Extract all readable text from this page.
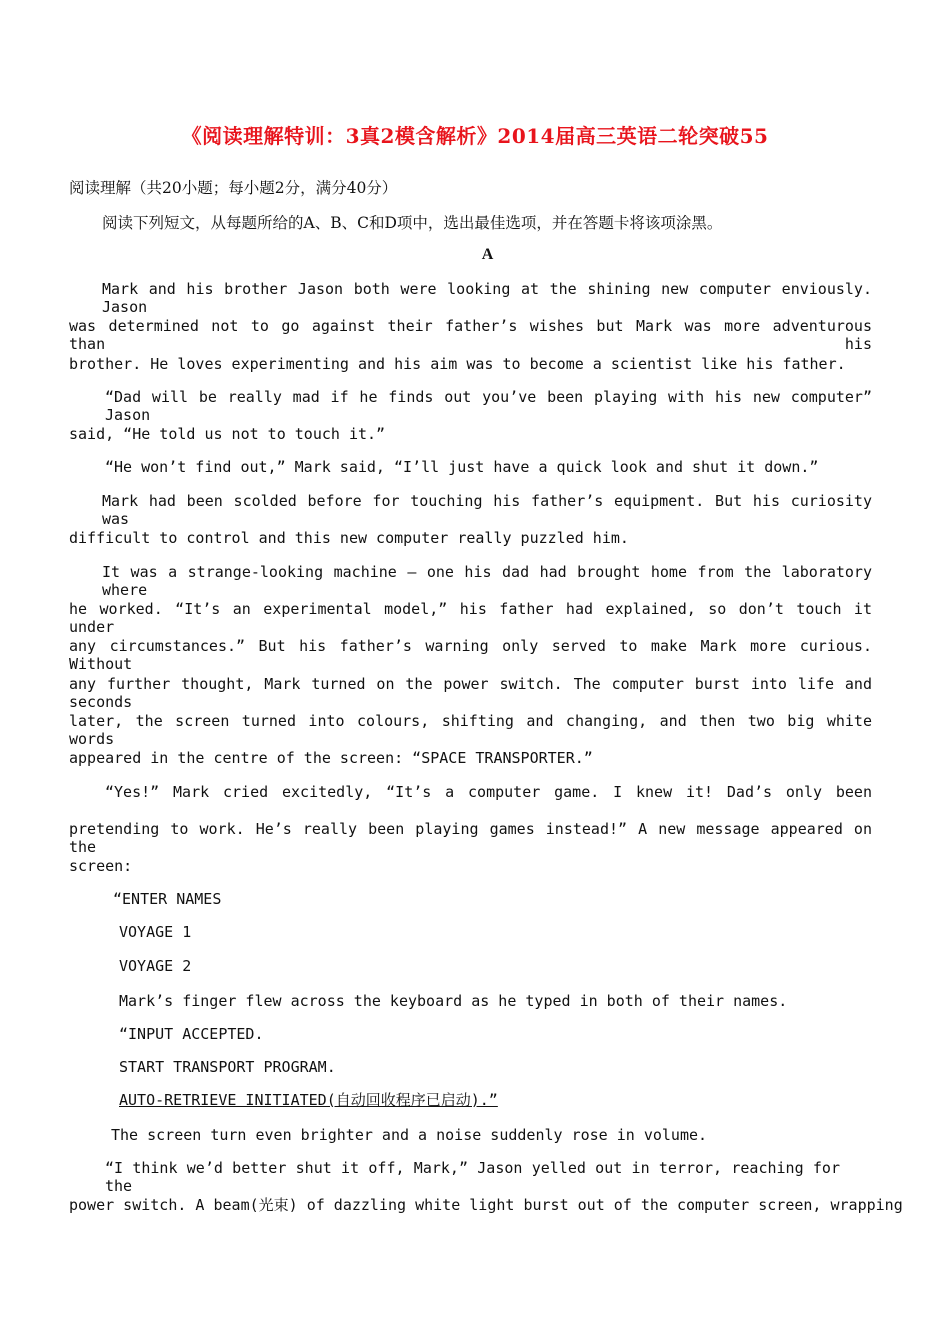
《阅读理解特训：3真2模含解析》2014届高三英语二轮突破55
阅读理解（共20小题；每小题2分，满分40分）
阅读下列短文，从每题所给的A、B、C和D项中，选出最佳选项，并在答题卡将该项涂黑。
A

Mark and his brother Jason both were looking at the shining new computer enviously. Jason

was determined not to go against their father’s wishes but Mark was more adventurous than his

brother. He loves experimenting and his aim was to become a scientist like his father.

“Dad will be really mad if he finds out you’ve been playing with his new computer” Jason

said, “He told us not to touch it.”

“He won’t find out,” Mark said, “I’ll just have a quick look and shut it down.”

Mark had been scolded before for touching his father’s equipment. But his curiosity was

difficult to control and this new computer really puzzled him.

It was a strange-looking machine — one his dad had brought home from the laboratory where

he worked. “It’s an experimental model,” his father had explained, so don’t touch it under

any circumstances.” But his father’s warning only served to make Mark more curious. Without

any further thought, Mark turned on the power switch. The computer burst into life and seconds

later, the screen turned into colours, shifting and changing, and then two big white words

appeared in the centre of the screen: “SPACE TRANSPORTER.”

“Yes!” Mark cried excitedly, “It’s a computer game. I knew it! Dad’s only been

pretending to work. He’s really been playing games instead!” A new message appeared on the

screen:

“ENTER NAMES

VOYAGE 1

VOYAGE 2

Mark’s finger flew across the keyboard as he typed in both of their names.

“INPUT ACCEPTED.

START TRANSPORT PROGRAM.

AUTO-RETRIEVE INITIATED(自动回收程序已启动).”

The screen turn even brighter and a noise suddenly rose in volume.

“I think we’d better shut it off, Mark,” Jason yelled out in terror, reaching for the

power switch. A beam(光束) of dazzling white light burst out of the computer screen, wrapping
